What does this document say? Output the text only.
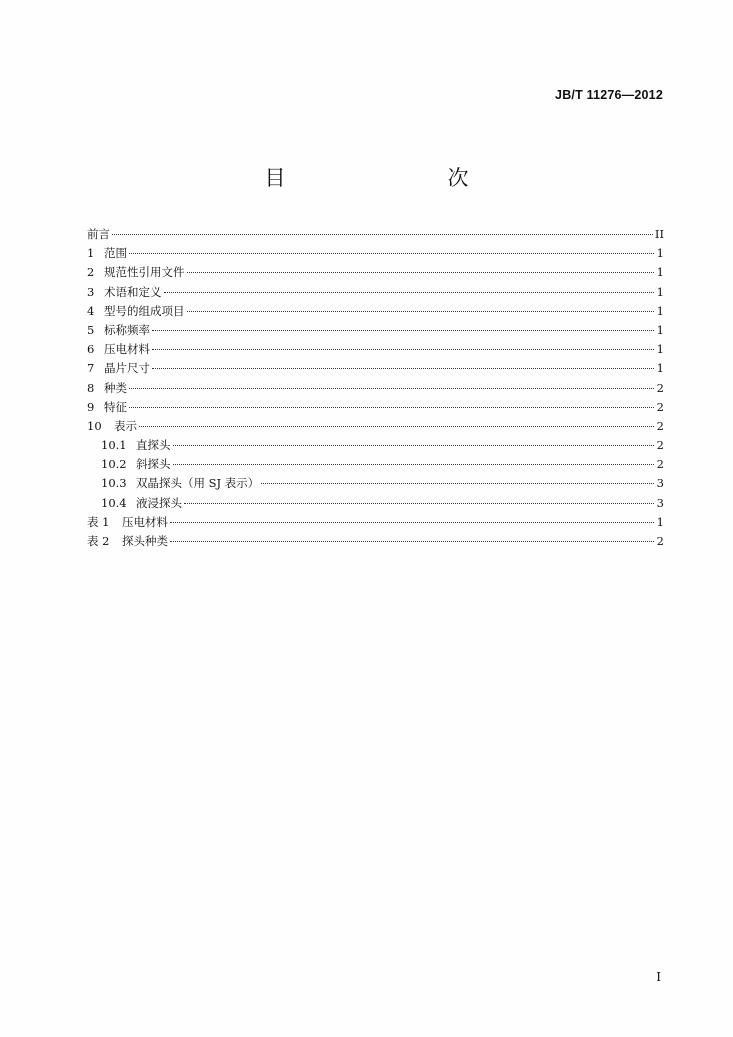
JB/T 11276—2012
目　　次
前言	II
1 范围	1
2 规范性引用文件	1
3 术语和定义	1
4 型号的组成项目	1
5 标称频率	1
6 压电材料	1
7 晶片尺寸	1
8 种类	2
9 特征	2
10	表示	2
10.1 直探头	2
10.2 斜探头	2
10.3 双晶探头（用 SJ 表示）	3
10.4 液浸探头	3
表 1	压电材料	1
表 2	探头种类	2
I
